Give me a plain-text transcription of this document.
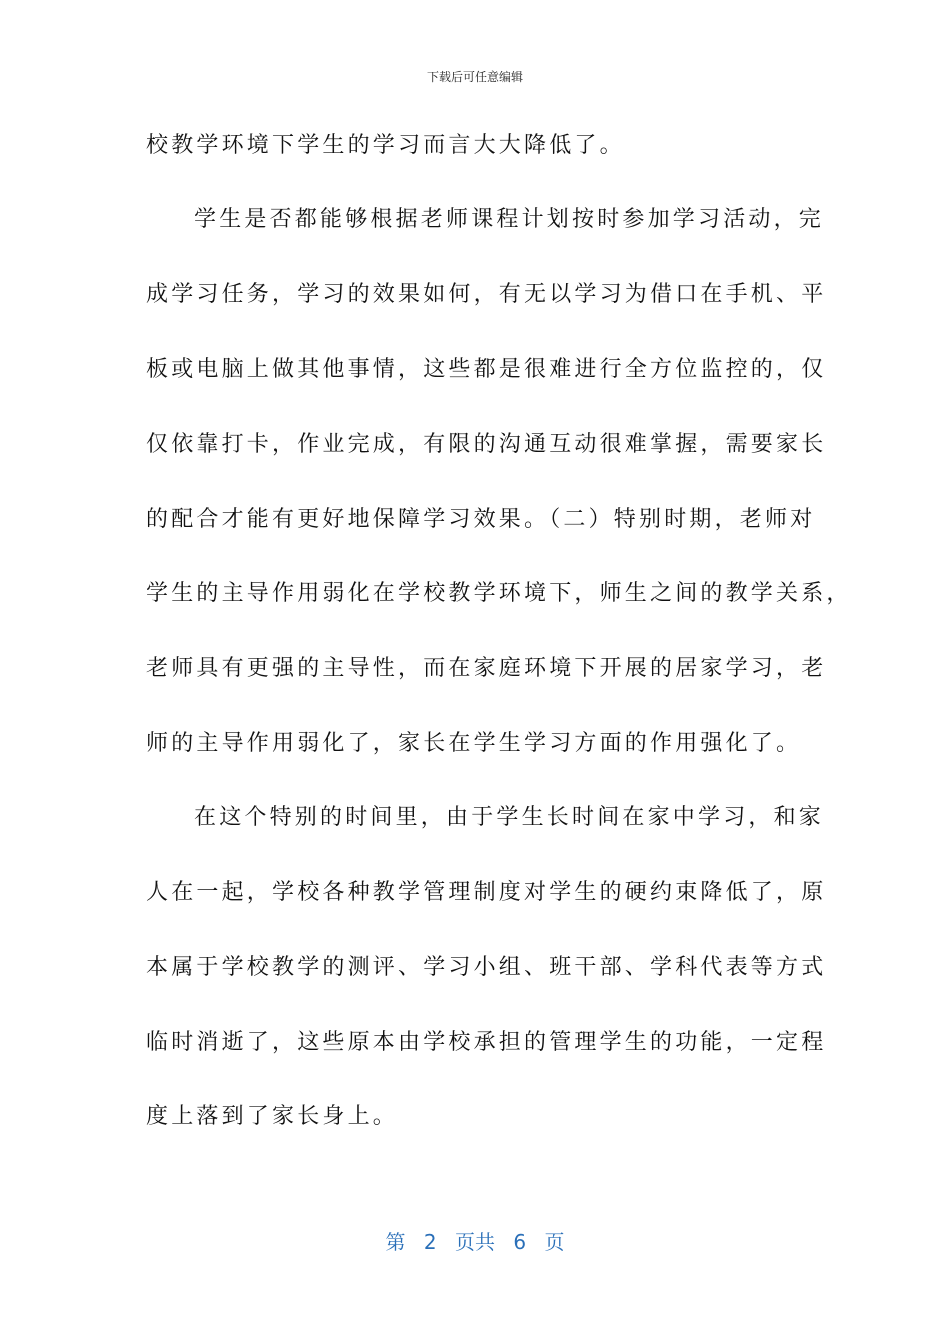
下载后可任意编辑
校教学环境下学生的学习而言大大降低了。
学生是否都能够根据老师课程计划按时参加学习活动，完
成学习任务，学习的效果如何，有无以学习为借口在手机、平
板或电脑上做其他事情，这些都是很难进行全方位监控的，仅
仅依靠打卡，作业完成，有限的沟通互动很难掌握，需要家长
的配合才能有更好地保障学习效果。（二）特别时期，老师对
学生的主导作用弱化在学校教学环境下，师生之间的教学关系，
老师具有更强的主导性，而在家庭环境下开展的居家学习，老
师的主导作用弱化了，家长在学生学习方面的作用强化了。
在这个特别的时间里，由于学生长时间在家中学习，和家
人在一起，学校各种教学管理制度对学生的硬约束降低了，原
本属于学校教学的测评、学习小组、班干部、学科代表等方式
临时消逝了，这些原本由学校承担的管理学生的功能，一定程
度上落到了家长身上。
第 2 页共 6 页
